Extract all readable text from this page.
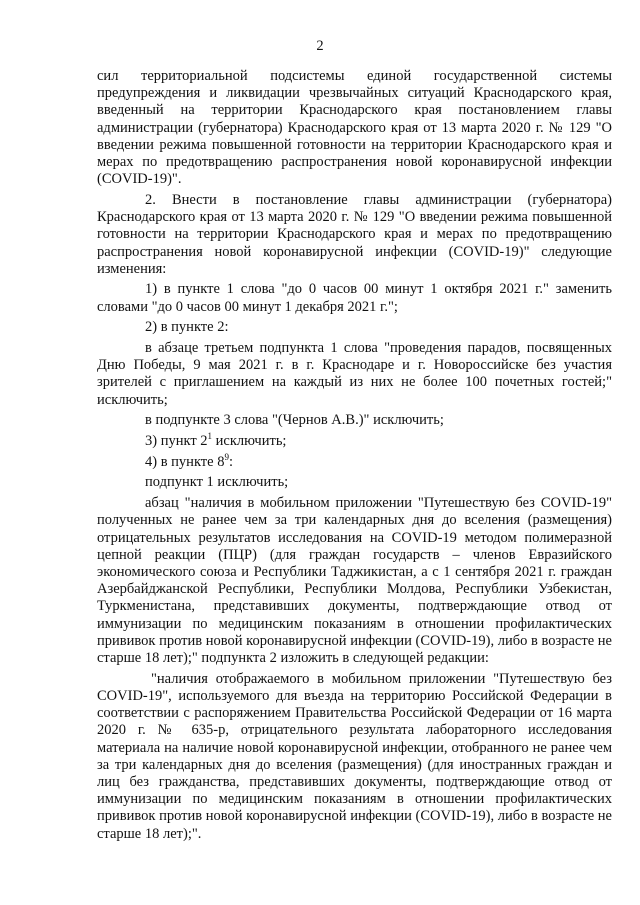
2

сил территориальной подсистемы единой государственной системы предупреждения и ликвидации чрезвычайных ситуаций Краснодарского края, введенный на территории Краснодарского края постановлением главы администрации (губернатора) Краснодарского края от 13 марта 2020 г. № 129 "О введении режима повышенной готовности на территории Краснодарского края и мерах по предотвращению распространения новой коронавирусной инфекции (COVID-19)".

2. Внести в постановление главы администрации (губернатора) Краснодарского края от 13 марта 2020 г. № 129 "О введении режима повышенной готовности на территории Краснодарского края и мерах по предотвращению распространения новой коронавирусной инфекции (COVID-19)" следующие изменения:

1) в пункте 1 слова "до 0 часов 00 минут 1 октября 2021 г." заменить словами "до 0 часов 00 минут 1 декабря 2021 г.";

2) в пункте 2:

в абзаце третьем подпункта 1 слова "проведения парадов, посвященных Дню Победы, 9 мая 2021 г. в г. Краснодаре и г. Новороссийске без участия зрителей с приглашением на каждый из них не более 100 почетных гостей;" исключить;

в подпункте 3 слова "(Чернов А.В.)" исключить;

3) пункт $2^1$ исключить;

4) в пункте $8^9$:

подпункт 1 исключить;

абзац "наличия в мобильном приложении "Путешествую без COVID-19" полученных не ранее чем за три календарных дня до вселения (размещения) отрицательных результатов исследования на COVID-19 методом полимеразной цепной реакции (ПЦР) (для граждан государств – членов Евразийского экономического союза и Республики Таджикистан, а с 1 сентября 2021 г. граждан Азербайджанской Республики, Республики Молдова, Республики Узбекистан, Туркменистана, представивших документы, подтверждающие отвод от иммунизации по медицинским показаниям в отношении профилактических прививок против новой коронавирусной инфекции (COVID-19), либо в возрасте не старше 18 лет);" подпункта 2 изложить в следующей редакции:

"наличия отображаемого в мобильном приложении "Путешествую без COVID-19", используемого для въезда на территорию Российской Федерации в соответствии с распоряжением Правительства Российской Федерации от 16 марта 2020 г. № 635-р, отрицательного результата лабораторного исследования материала на наличие новой коронавирусной инфекции, отобранного не ранее чем за три календарных дня до вселения (размещения) (для иностранных граждан и лиц без гражданства, представивших документы, подтверждающие отвод от иммунизации по медицинским показаниям в отношении профилактических прививок против новой коронавирусной инфекции (COVID-19), либо в возрасте не старше 18 лет);".
